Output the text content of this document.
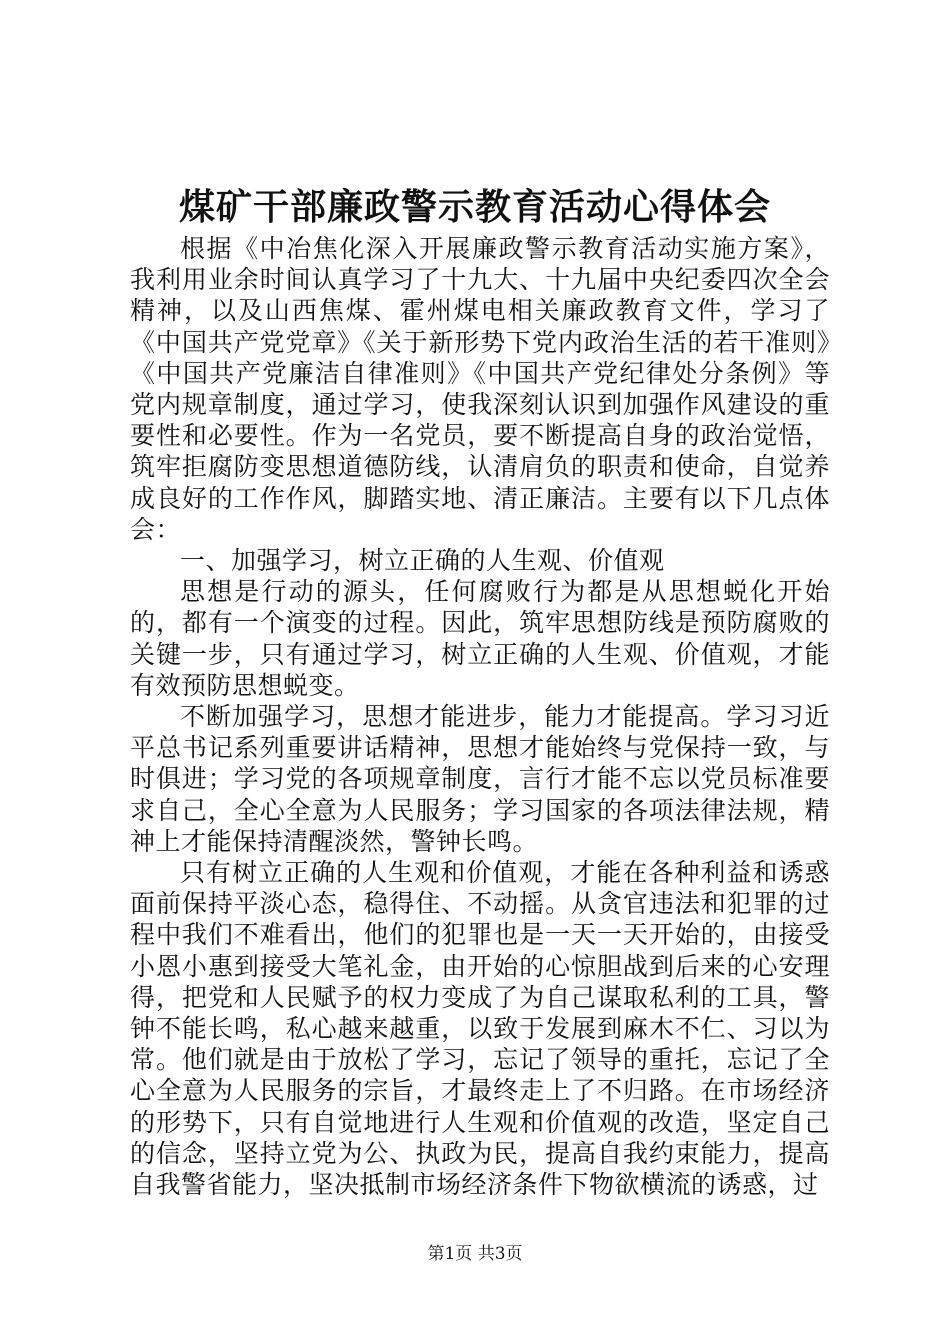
煤矿干部廉政警示教育活动心得体会

根据《中冶焦化深入开展廉政警示教育活动实施方案》，我利用业余时间认真学习了十九大、十九届中央纪委四次全会精神，以及山西焦煤、霍州煤电相关廉政教育文件，学习了《中国共产党党章》《关于新形势下党内政治生活的若干准则》《中国共产党廉洁自律准则》《中国共产党纪律处分条例》等党内规章制度，通过学习，使我深刻认识到加强作风建设的重要性和必要性。作为一名党员，要不断提高自身的政治觉悟，筑牢拒腐防变思想道德防线，认清肩负的职责和使命，自觉养成良好的工作作风，脚踏实地、清正廉洁。主要有以下几点体会：

一、加强学习，树立正确的人生观、价值观

思想是行动的源头，任何腐败行为都是从思想蜕化开始的，都有一个演变的过程。因此，筑牢思想防线是预防腐败的关键一步，只有通过学习，树立正确的人生观、价值观，才能有效预防思想蜕变。

不断加强学习，思想才能进步，能力才能提高。学习习近平总书记系列重要讲话精神，思想才能始终与党保持一致，与时俱进；学习党的各项规章制度，言行才能不忘以党员标准要求自己，全心全意为人民服务；学习国家的各项法律法规，精神上才能保持清醒淡然，警钟长鸣。

只有树立正确的人生观和价值观，才能在各种利益和诱惑面前保持平淡心态，稳得住、不动摇。从贪官违法和犯罪的过程中我们不难看出，他们的犯罪也是一天一天开始的，由接受小恩小惠到接受大笔礼金，由开始的心惊胆战到后来的心安理得，把党和人民赋予的权力变成了为自己谋取私利的工具，警钟不能长鸣，私心越来越重，以致于发展到麻木不仁、习以为常。他们就是由于放松了学习，忘记了领导的重托，忘记了全心全意为人民服务的宗旨，才最终走上了不归路。在市场经济的形势下，只有自觉地进行人生观和价值观的改造，坚定自己的信念，坚持立党为公、执政为民，提高自我约束能力，提高自我警省能力，坚决抵制市场经济条件下物欲横流的诱惑，过

第1页 共3页
